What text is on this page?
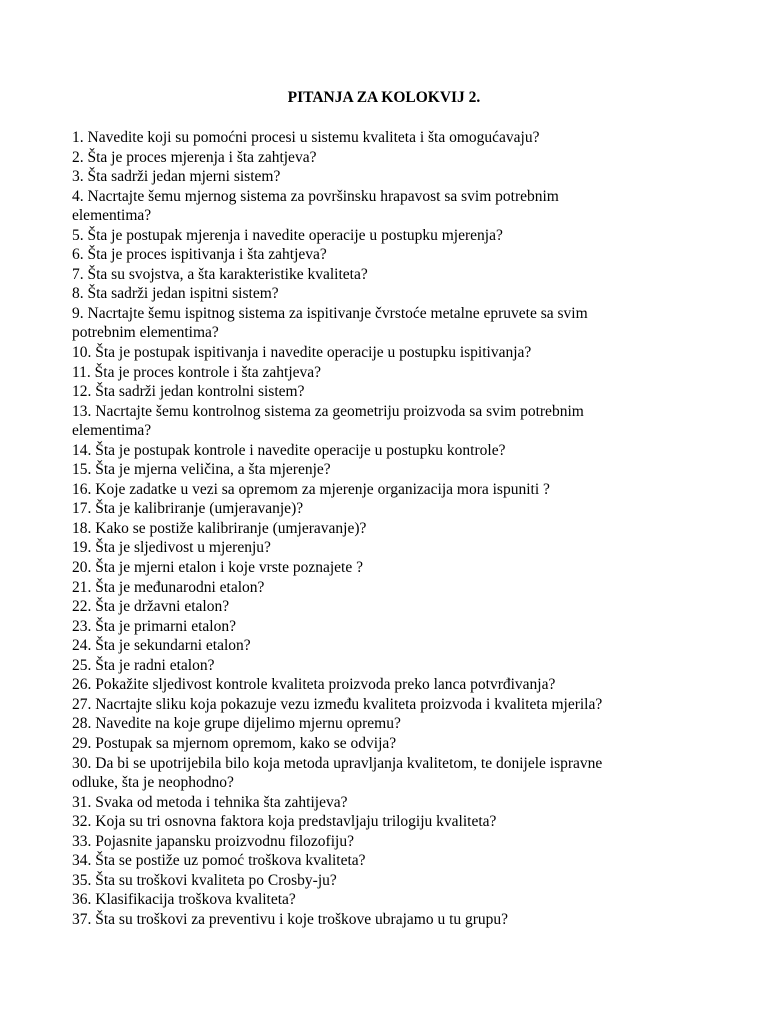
PITANJA ZA KOLOKVIJ 2.
1. Navedite koji su pomoćni procesi u sistemu kvaliteta i šta omogućavaju?
2. Šta je proces mjerenja i šta zahtjeva?
3. Šta sadrži jedan mjerni sistem?
4. Nacrtajte šemu mjernog sistema za površinsku hrapavost sa svim potrebnim
elementima?
5. Šta je postupak mjerenja i navedite operacije u postupku mjerenja?
6. Šta je proces ispitivanja i šta zahtjeva?
7. Šta su svojstva, a šta karakteristike kvaliteta?
8. Šta sadrži jedan ispitni sistem?
9. Nacrtajte šemu ispitnog sistema za ispitivanje čvrstoće metalne epruvete sa svim
potrebnim elementima?
10. Šta je postupak ispitivanja i navedite operacije u postupku ispitivanja?
11. Šta je proces kontrole i šta zahtjeva?
12. Šta sadrži jedan kontrolni sistem?
13. Nacrtajte šemu kontrolnog sistema za geometriju proizvoda sa svim potrebnim
elementima?
14. Šta je postupak kontrole i navedite operacije u postupku kontrole?
15. Šta je mjerna veličina, a šta mjerenje?
16. Koje zadatke u vezi sa opremom za mjerenje organizacija mora ispuniti ?
17. Šta je kalibriranje (umjeravanje)?
18. Kako se postiže kalibriranje (umjeravanje)?
19. Šta je sljedivost u mjerenju?
20. Šta je mjerni etalon i koje vrste poznajete ?
21. Šta je međunarodni etalon?
22. Šta je državni etalon?
23. Šta je primarni etalon?
24. Šta je sekundarni etalon?
25. Šta je radni etalon?
26. Pokažite sljedivost kontrole kvaliteta proizvoda preko lanca potvrđivanja?
27. Nacrtajte sliku koja pokazuje vezu između kvaliteta proizvoda i kvaliteta mjerila?
28. Navedite na koje grupe dijelimo mjernu opremu?
29. Postupak sa mjernom opremom, kako se odvija?
30. Da bi se upotrijebila bilo koja metoda upravljanja kvalitetom, te donijele ispravne
odluke, šta je neophodno?
31. Svaka od metoda i tehnika šta zahtijeva?
32. Koja su tri osnovna faktora koja predstavljaju trilogiju kvaliteta?
33. Pojasnite japansku proizvodnu filozofiju?
34. Šta se postiže uz pomoć troškova kvaliteta?
35. Šta su troškovi kvaliteta po Crosby-ju?
36. Klasifikacija troškova kvaliteta?
37. Šta su troškovi za preventivu i koje troškove ubrajamo u tu grupu?
